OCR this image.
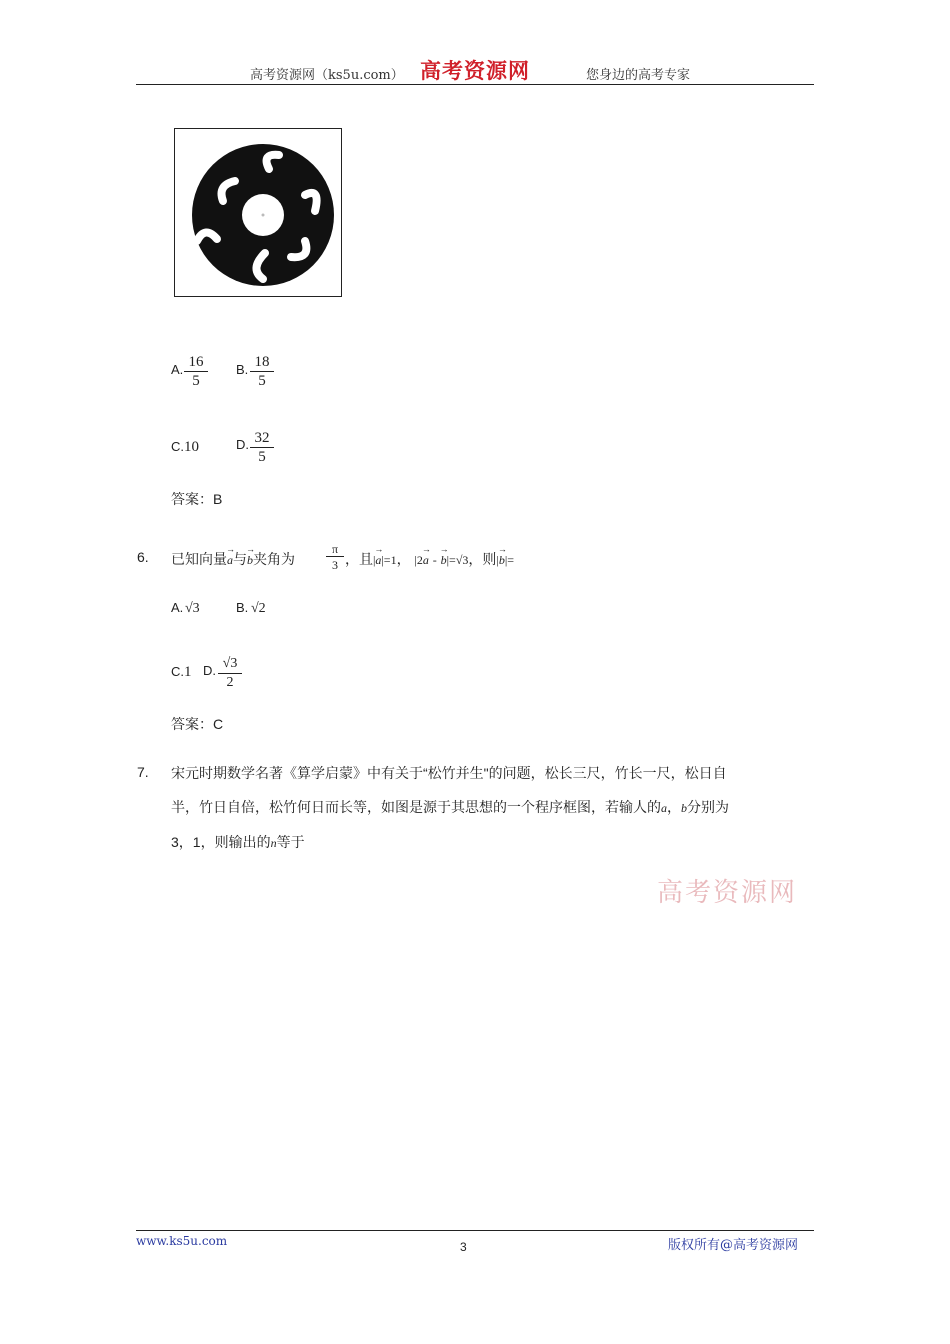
高考资源网（ks5u.com） 高考资源网	您身边的高考专家
A. $\frac{16}{5} B$. $\frac{18}{5}$
C. 10	D. $\frac{32}{5}$
答案：B
6. 已知向量→ a与→ b夹角为	$\frac{\pi}{3}$ ，且|→ a|=1， |2→ a - → b|=√3，则|→ b|=
A. √3	B. √2
C. 1 D. $\frac{√3}{2}$
答案：C
7. 宋元时期数学名著《算学启蒙》中有关于“松竹并生"的问题，松长三尺，竹长一尺，松日自
半，竹日自倍，松竹何日而长等，如图是源于其思想的一个程序框图，若输人的a，b分别为
3，1，则输出的n等于
高考资源网
www.ks5u.com	3	版权所有@高考资源网
